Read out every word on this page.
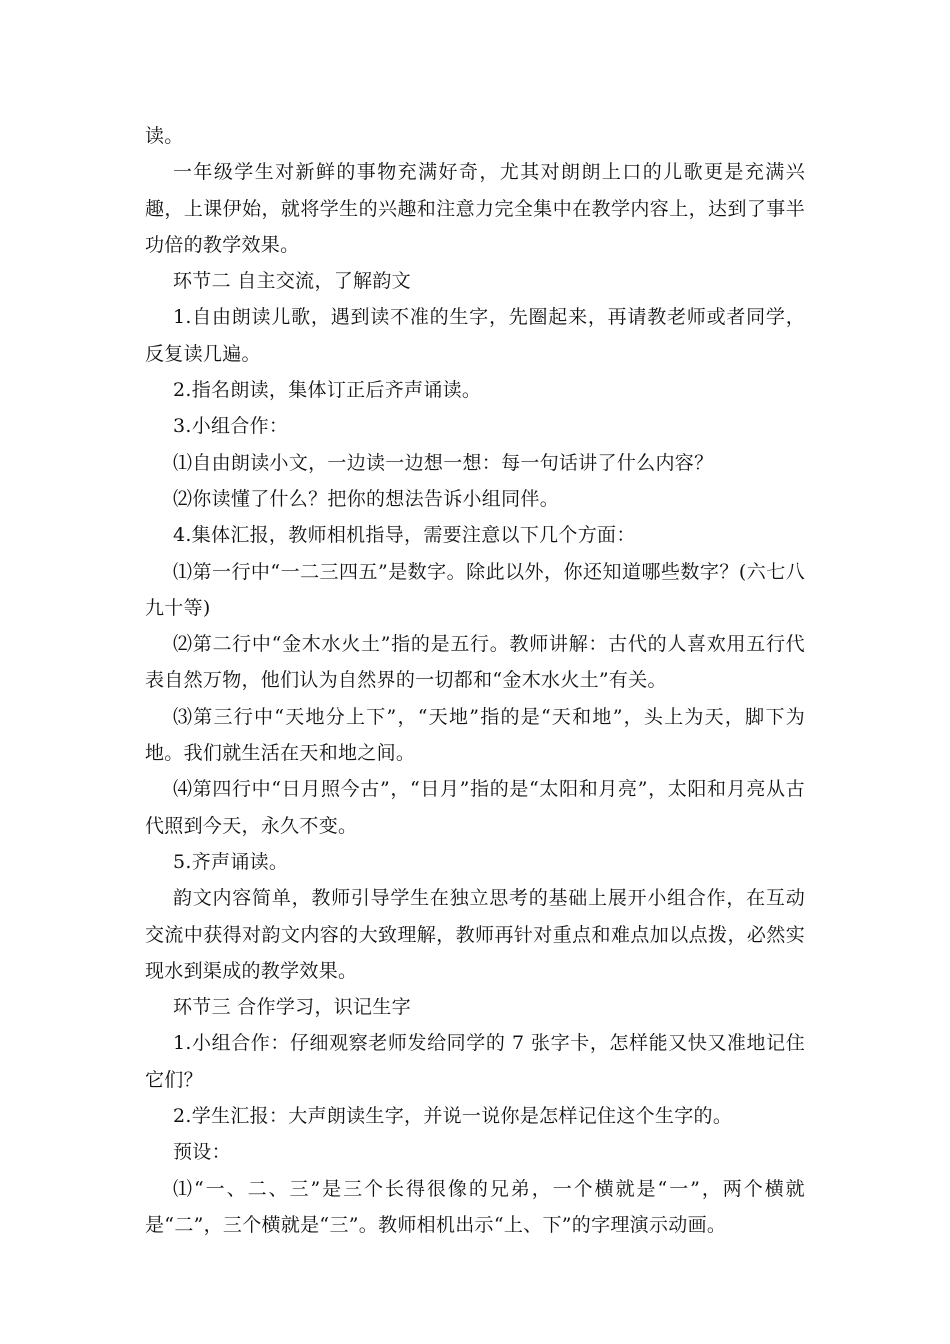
读。

一年级学生对新鲜的事物充满好奇，尤其对朗朗上口的儿歌更是充满兴趣，上课伊始，就将学生的兴趣和注意力完全集中在教学内容上，达到了事半功倍的教学效果。

环节二 自主交流，了解韵文

1.自由朗读儿歌，遇到读不准的生字，先圈起来，再请教老师或者同学，反复读几遍。

2.指名朗读，集体订正后齐声诵读。

3.小组合作：

⑴自由朗读小文，一边读一边想一想：每一句话讲了什么内容？

⑵你读懂了什么？把你的想法告诉小组同伴。

4.集体汇报，教师相机指导，需要注意以下几个方面：

⑴第一行中“一二三四五”是数字。除此以外，你还知道哪些数字？(六七八九十等)

⑵第二行中“金木水火土”指的是五行。教师讲解：古代的人喜欢用五行代表自然万物，他们认为自然界的一切都和“金木水火土”有关。

⑶第三行中“天地分上下”，“天地”指的是“天和地”，头上为天，脚下为地。我们就生活在天和地之间。

⑷第四行中“日月照今古”，“日月”指的是“太阳和月亮”，太阳和月亮从古代照到今天，永久不变。

5.齐声诵读。

韵文内容简单，教师引导学生在独立思考的基础上展开小组合作，在互动交流中获得对韵文内容的大致理解，教师再针对重点和难点加以点拨，必然实现水到渠成的教学效果。

环节三 合作学习，识记生字

1.小组合作：仔细观察老师发给同学的 7 张字卡，怎样能又快又准地记住它们？

2.学生汇报：大声朗读生字，并说一说你是怎样记住这个生字的。

预设：

⑴“一、二、三”是三个长得很像的兄弟，一个横就是“一”，两个横就是“二”，三个横就是“三”。教师相机出示“上、下”的字理演示动画。
